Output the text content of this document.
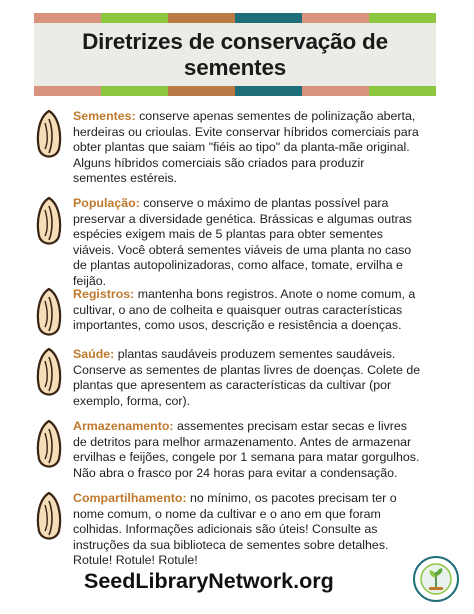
Diretrizes de conservação de sementes
Sementes: conserve apenas sementes de polinização aberta, herdeiras ou crioulas. Evite conservar híbridos comerciais para obter plantas que saiam "fiéis ao tipo" da planta-mãe original. Alguns híbridos comerciais são criados para produzir sementes estéreis.
População: conserve o máximo de plantas possível para preservar a diversidade genética. Brássicas e algumas outras espécies exigem mais de 5 plantas para obter sementes viáveis. Você obterá sementes viáveis de uma planta no caso de plantas autopolinizadoras, como alface, tomate, ervilha e feijão.
Registros: mantenha bons registros. Anote o nome comum, a cultivar, o ano de colheita e quaisquer outras características importantes, como usos, descrição e resistência a doenças.
Saúde: plantas saudáveis produzem sementes saudáveis. Conserve as sementes de plantas livres de doenças. Colete de plantas que apresentem as características da cultivar (por exemplo, forma, cor).
Armazenamento: assementes precisam estar secas e livres de detritos para melhor armazenamento. Antes de armazenar ervilhas e feijões, congele por 1 semana para matar gorgulhos. Não abra o frasco por 24 horas para evitar a condensação.
Compartilhamento: no mínimo, os pacotes precisam ter o nome comum, o nome da cultivar e o ano em que foram colhidas. Informações adicionais são úteis! Consulte as instruções da sua biblioteca de sementes sobre detalhes. Rotule! Rotule! Rotule!
SeedLibraryNetwork.org
